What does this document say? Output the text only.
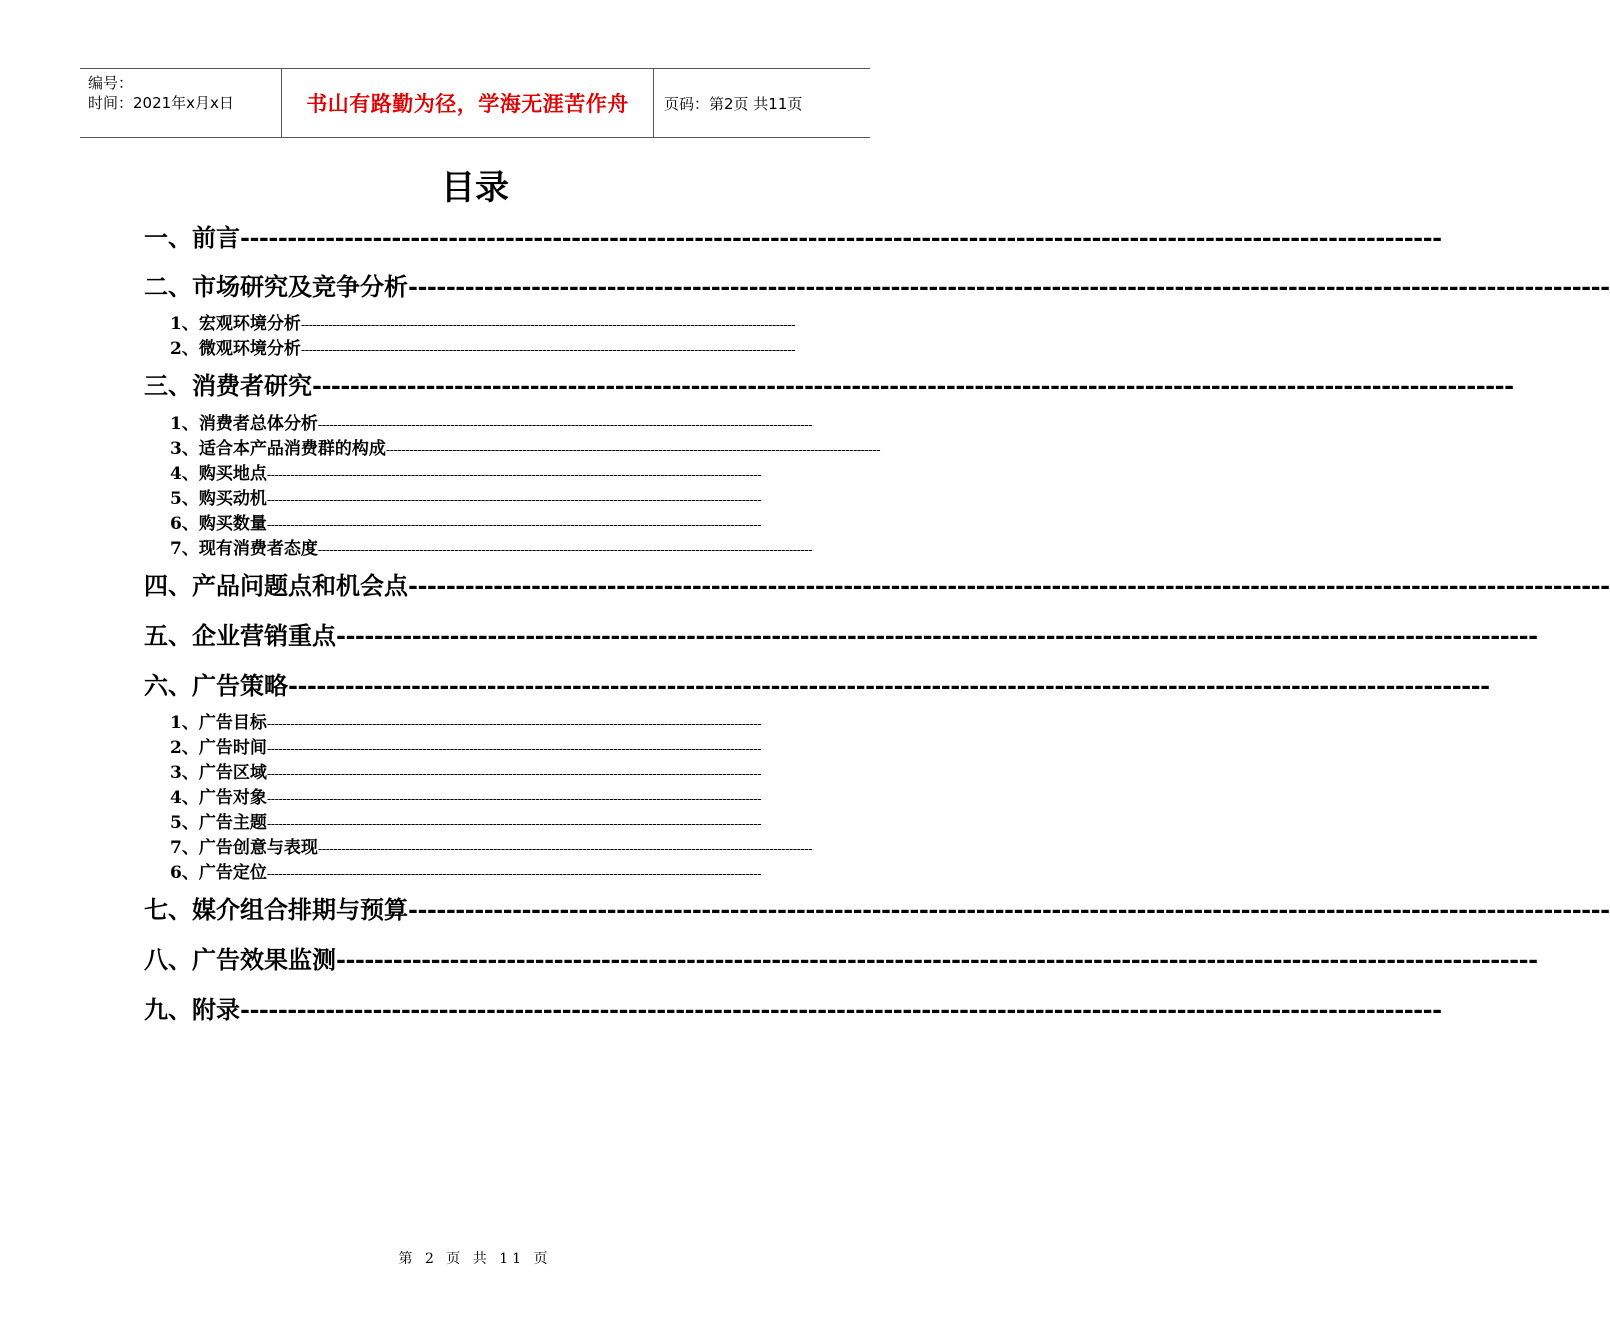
编号：
时间：2021年x月x日	书山有路勤为径，学海无涯苦作舟 页码：第2页 共11页
目录
一、 前言 -------------------------------------------------------------------------------------------------------------------------------
二、 市场研究及竞争分析 -------------------------------------------------------------------------------------------------------------------------------
1、宏观环境分析 -------------------------------------------------------------------------------------------------------------------------------
2、微观环境分析 -------------------------------------------------------------------------------------------------------------------------------
三、 消费者研究 -------------------------------------------------------------------------------------------------------------------------------
1、消费者总体分析 -------------------------------------------------------------------------------------------------------------------------------
3、适合本产品消费群的构成 -------------------------------------------------------------------------------------------------------------------------------
4、购买地点 -------------------------------------------------------------------------------------------------------------------------------
5、购买动机 -------------------------------------------------------------------------------------------------------------------------------
6、购买数量 -------------------------------------------------------------------------------------------------------------------------------
7、现有消费者态度 -------------------------------------------------------------------------------------------------------------------------------
四、 产品问题点和机会点 -------------------------------------------------------------------------------------------------------------------------------
五、 企业营销重点 -------------------------------------------------------------------------------------------------------------------------------
六、 广告策略 -------------------------------------------------------------------------------------------------------------------------------
1、广告目标 -------------------------------------------------------------------------------------------------------------------------------
2、广告时间 -------------------------------------------------------------------------------------------------------------------------------
3、广告区域 -------------------------------------------------------------------------------------------------------------------------------
4、广告对象 -------------------------------------------------------------------------------------------------------------------------------
5、广告主题 -------------------------------------------------------------------------------------------------------------------------------
7、广告创意与表现 -------------------------------------------------------------------------------------------------------------------------------
6、广告定位 -------------------------------------------------------------------------------------------------------------------------------
七、 媒介组合排期与预算 -------------------------------------------------------------------------------------------------------------------------------
八、 广告效果监测 -------------------------------------------------------------------------------------------------------------------------------
九、 附录 -------------------------------------------------------------------------------------------------------------------------------
第 2 页 共 11 页
